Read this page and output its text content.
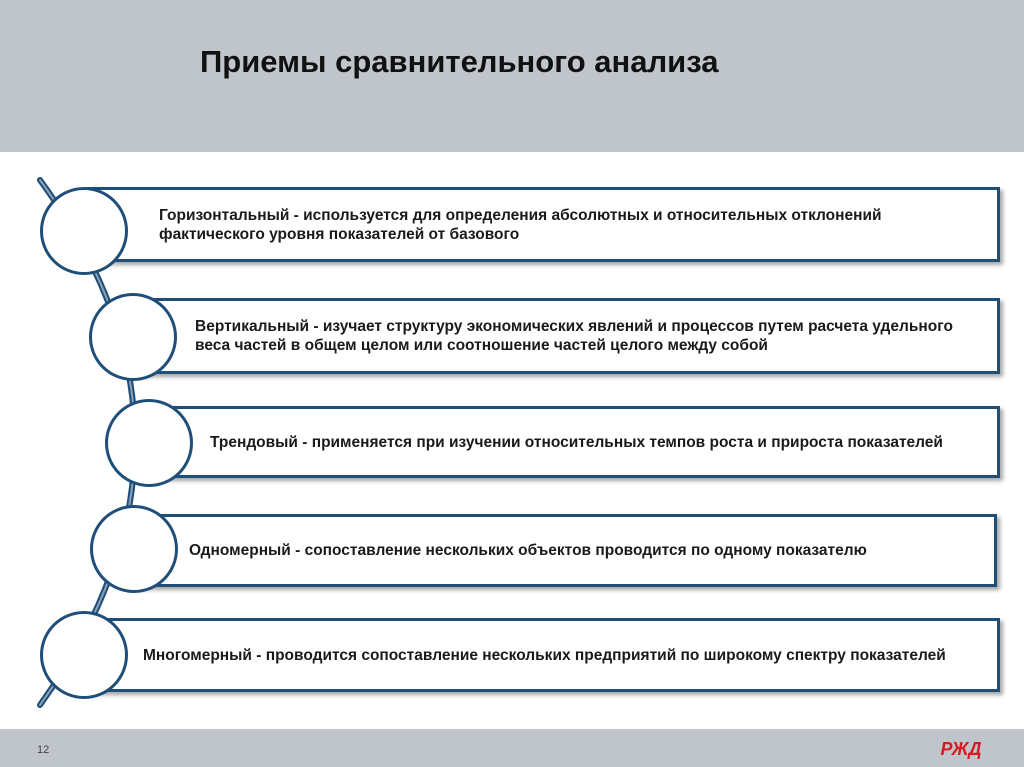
Приемы сравнительного анализа
Горизонтальный - используется для определения абсолютных и относительных отклонений фактического уровня показателей от базового
Вертикальный - изучает структуру экономических явлений и процессов путем расчета удельного веса частей в общем целом или соотношение частей целого между собой
Трендовый - применяется при изучении относительных темпов роста и прироста показателей
Одномерный - сопоставление нескольких объектов проводится по одному показателю
Многомерный - проводится сопоставление нескольких предприятий по широкому спектру показателей
12	РЖД
